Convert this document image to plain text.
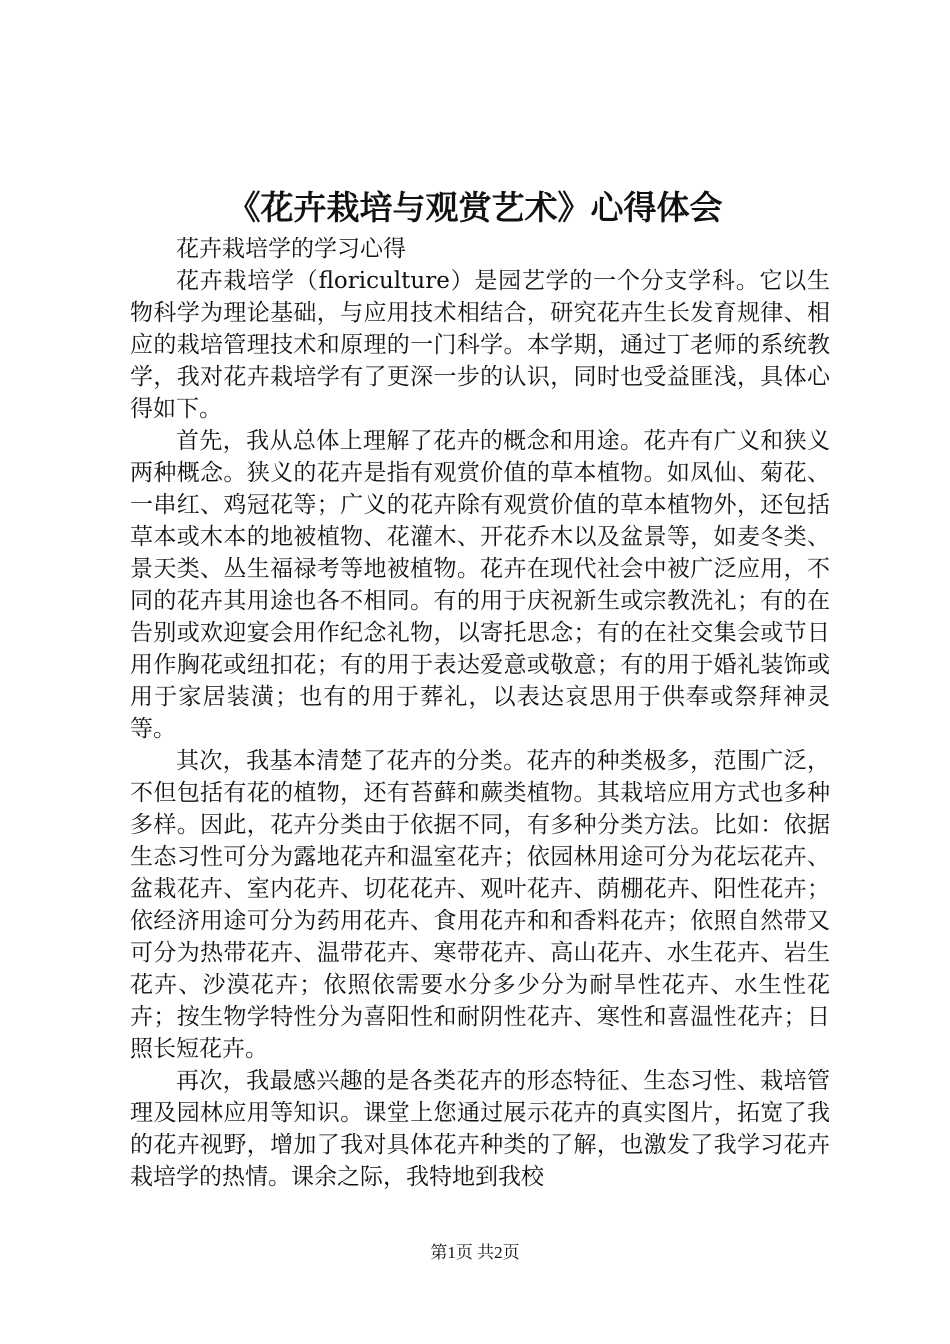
《花卉栽培与观赏艺术》心得体会

花卉栽培学的学习心得

花卉栽培学（floriculture）是园艺学的一个分支学科。它以生物科学为理论基础，与应用技术相结合，研究花卉生长发育规律、相应的栽培管理技术和原理的一门科学。本学期，通过丁老师的系统教学，我对花卉栽培学有了更深一步的认识，同时也受益匪浅，具体心得如下。

首先，我从总体上理解了花卉的概念和用途。花卉有广义和狭义两种概念。狭义的花卉是指有观赏价值的草本植物。如凤仙、菊花、一串红、鸡冠花等；广义的花卉除有观赏价值的草本植物外，还包括草本或木本的地被植物、花灌木、开花乔木以及盆景等，如麦冬类、景天类、丛生福禄考等地被植物。花卉在现代社会中被广泛应用，不同的花卉其用途也各不相同。有的用于庆祝新生或宗教洗礼；有的在告别或欢迎宴会用作纪念礼物，以寄托思念；有的在社交集会或节日用作胸花或纽扣花；有的用于表达爱意或敬意；有的用于婚礼装饰或用于家居装潢；也有的用于葬礼，以表达哀思用于供奉或祭拜神灵等。

其次，我基本清楚了花卉的分类。花卉的种类极多，范围广泛，不但包括有花的植物，还有苔藓和蕨类植物。其栽培应用方式也多种多样。因此，花卉分类由于依据不同，有多种分类方法。比如：依据生态习性可分为露地花卉和温室花卉；依园林用途可分为花坛花卉、盆栽花卉、室内花卉、切花花卉、观叶花卉、荫棚花卉、阳性花卉；依经济用途可分为药用花卉、食用花卉和和香料花卉；依照自然带又可分为热带花卉、温带花卉、寒带花卉、高山花卉、水生花卉、岩生花卉、沙漠花卉；依照依需要水分多少分为耐旱性花卉、水生性花卉；按生物学特性分为喜阳性和耐阴性花卉、寒性和喜温性花卉；日照长短花卉。

再次，我最感兴趣的是各类花卉的形态特征、生态习性、栽培管理及园林应用等知识。课堂上您通过展示花卉的真实图片，拓宽了我的花卉视野，增加了我对具体花卉种类的了解，也激发了我学习花卉栽培学的热情。课余之际，我特地到我校

第1页 共2页
